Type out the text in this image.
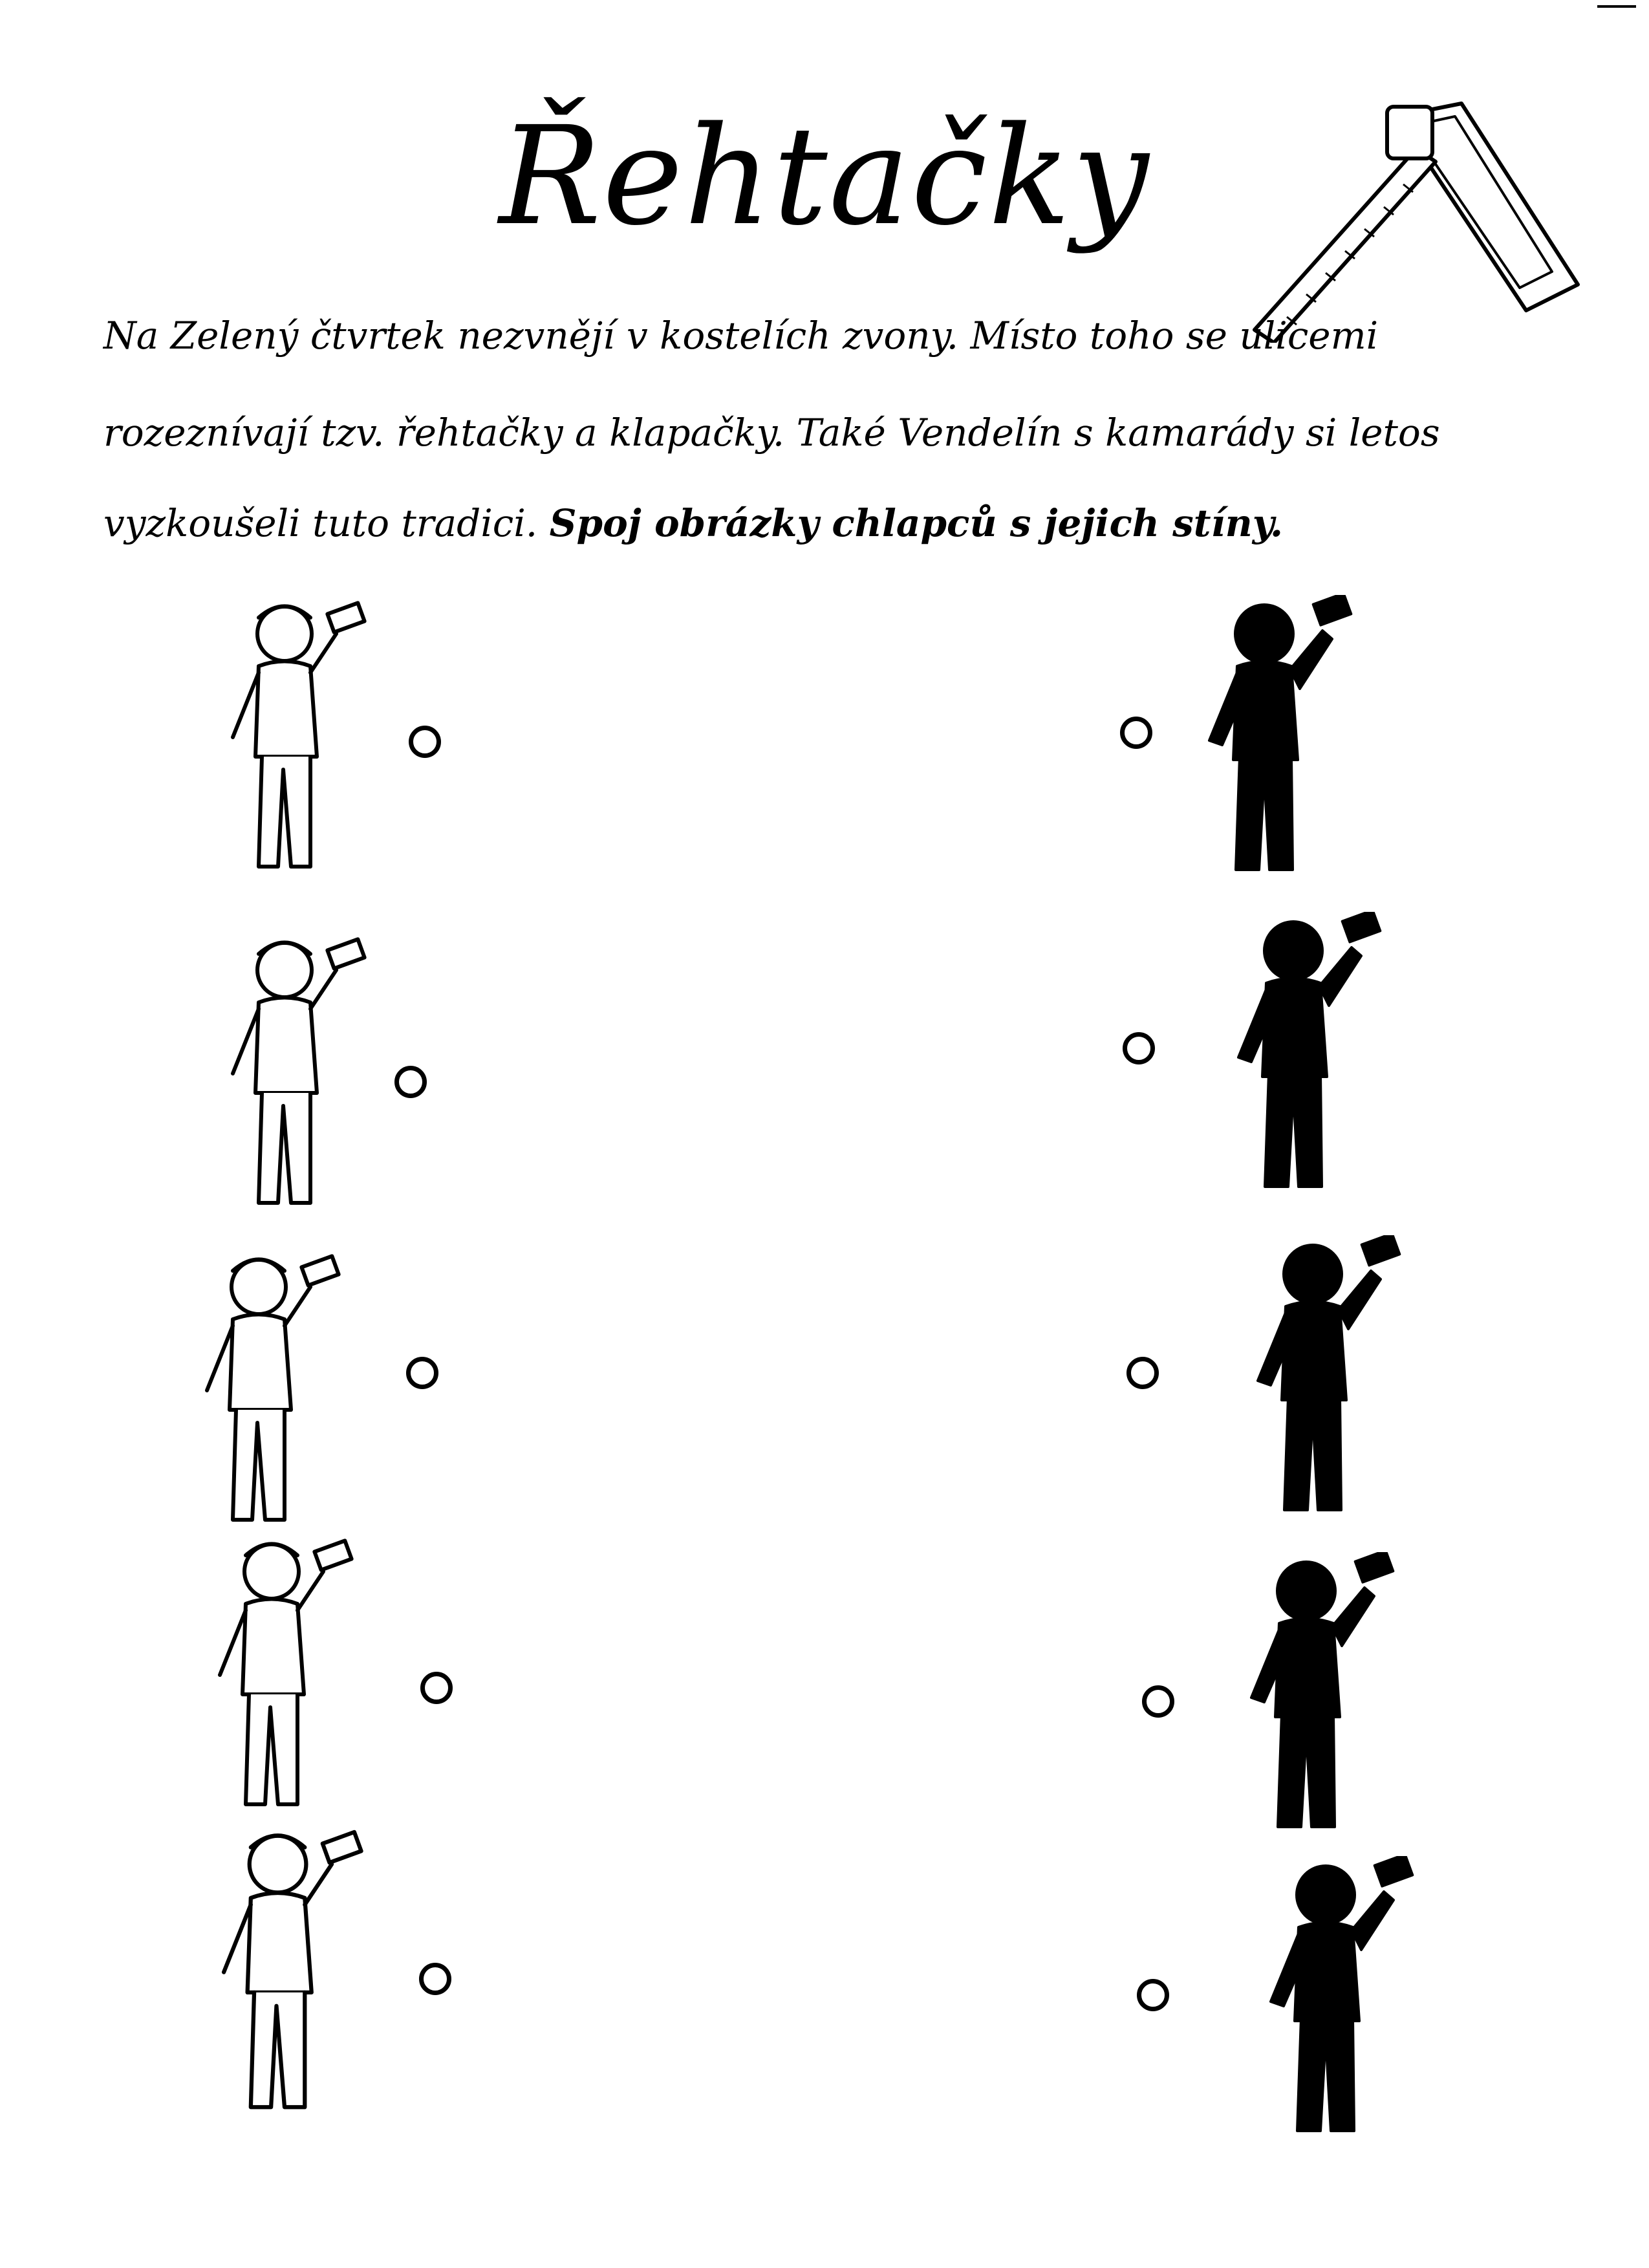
Řehtačky
Na Zelený čtvrtek nezvnějí v kostelích zvony. Místo toho se ulicemi
rozeznívají tzv. řehtačky a klapačky. Také Vendelín s kamarády si letos
vyzkoušeli tuto tradici. Spoj obrázky chlapců s jejich stíny.
